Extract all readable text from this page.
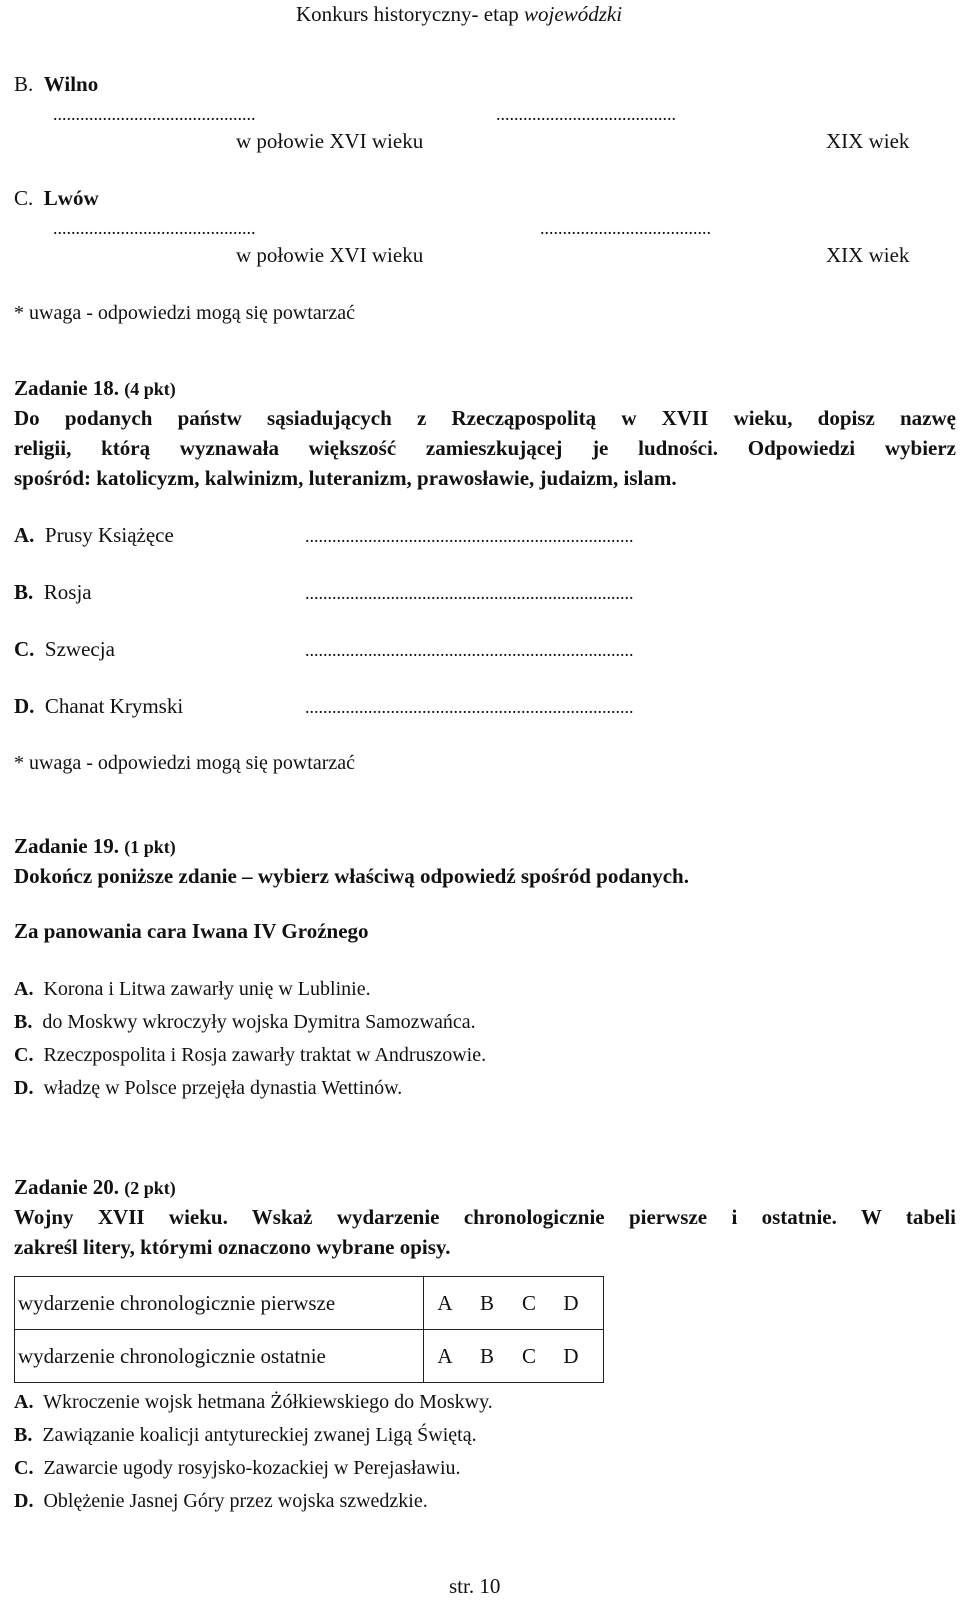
Konkurs historyczny- etap wojewódzki
B. Wilno
.............................................	........................................
w połowie XVI wieku	XIX wiek
C. Lwów
.............................................	......................................
w połowie XVI wieku	XIX wiek
* uwaga - odpowiedzi mogą się powtarzać
Zadanie 18. (4 pkt)
Do podanych państw sąsiadujących z Rzecząpospolitą w XVII wieku, dopisz nazwę
religii, którą wyznawała większość zamieszkującej je ludności. Odpowiedzi wybierz
spośród: katolicyzm, kalwinizm, luteranizm, prawosławie, judaizm, islam.
A. Prusy Książęce	.........................................................................
B. Rosja	.........................................................................
C. Szwecja	.........................................................................
D. Chanat Krymski	.........................................................................
* uwaga - odpowiedzi mogą się powtarzać
Zadanie 19. (1 pkt)
Dokończ poniższe zdanie – wybierz właściwą odpowiedź spośród podanych.
Za panowania cara Iwana IV Groźnego
A. Korona i Litwa zawarły unię w Lublinie.
B. do Moskwy wkroczyły wojska Dymitra Samozwańca.
C. Rzeczpospolita i Rosja zawarły traktat w Andruszowie.
D. władzę w Polsce przejęła dynastia Wettinów.
Zadanie 20. (2 pkt)
Wojny XVII wieku. Wskaż wydarzenie chronologicznie pierwsze i ostatnie. W tabeli
zakreśl litery, którymi oznaczono wybrane opisy.
wydarzenie chronologicznie pierwsze	A B C D
wydarzenie chronologicznie ostatnie	A B C D
A. Wkroczenie wojsk hetmana Żółkiewskiego do Moskwy.
B. Zawiązanie koalicji antytureckiej zwanej Ligą Świętą.
C. Zawarcie ugody rosyjsko-kozackiej w Perejasławiu.
D. Oblężenie Jasnej Góry przez wojska szwedzkie.
str. 10
